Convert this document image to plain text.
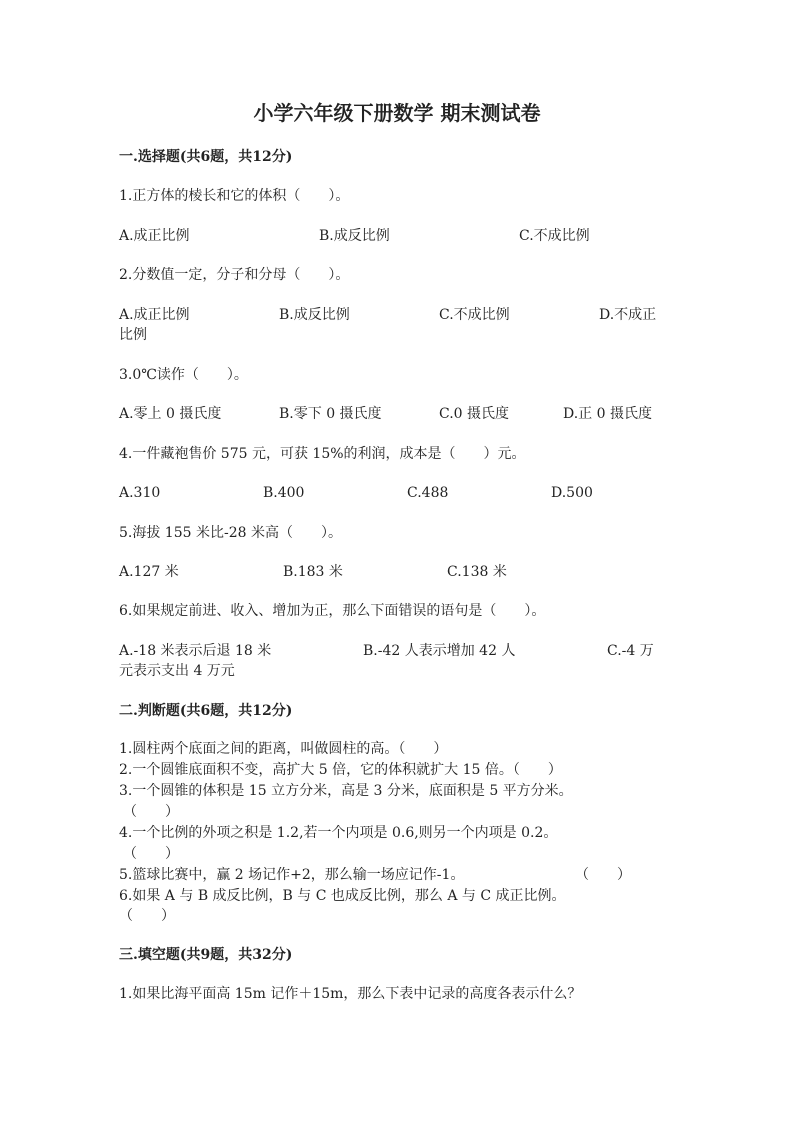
小学六年级下册数学 期末测试卷
一.选择题(共6题，共12分)
1.正方体的棱长和它的体积（　　）。
A.成正比例	B.成反比例	C.不成比例
2.分数值一定，分子和分母（　　）。
A.成正比例	B.成反比例	C.不成比例	D.不成正
比例
3.0℃读作（　　）。
A.零上 0 摄氏度	B.零下 0 摄氏度	C.0 摄氏度	D.正 0 摄氏度
4.一件藏袍售价 575 元，可获 15%的利润，成本是（　　）元。
A.310	B.400	C.488	D.500
5.海拔 155 米比-28 米高（　　）。
A.127 米	B.183 米	C.138 米
6.如果规定前进、收入、增加为正，那么下面错误的语句是（　　）。
A.-18 米表示后退 18 米	B.-42 人表示增加 42 人	C.-4 万
元表示支出 4 万元
二.判断题(共6题，共12分)
1.圆柱两个底面之间的距离，叫做圆柱的高。（　　）
2.一个圆锥底面积不变，高扩大 5 倍，它的体积就扩大 15 倍。（　　）
3.一个圆锥的体积是 15 立方分米，高是 3 分米，底面积是 5 平方分米。
（　　）
4.一个比例的外项之积是 1.2,若一个内项是 0.6,则另一个内项是 0.2。
（　　）
5.篮球比赛中，赢 2 场记作+2，那么输一场应记作-1。	（　　）
6.如果 A 与 B 成反比例，B 与 C 也成反比例，那么 A 与 C 成正比例。
（　　）
三.填空题(共9题，共32分)
1.如果比海平面高 15m 记作＋15m，那么下表中记录的高度各表示什么？
